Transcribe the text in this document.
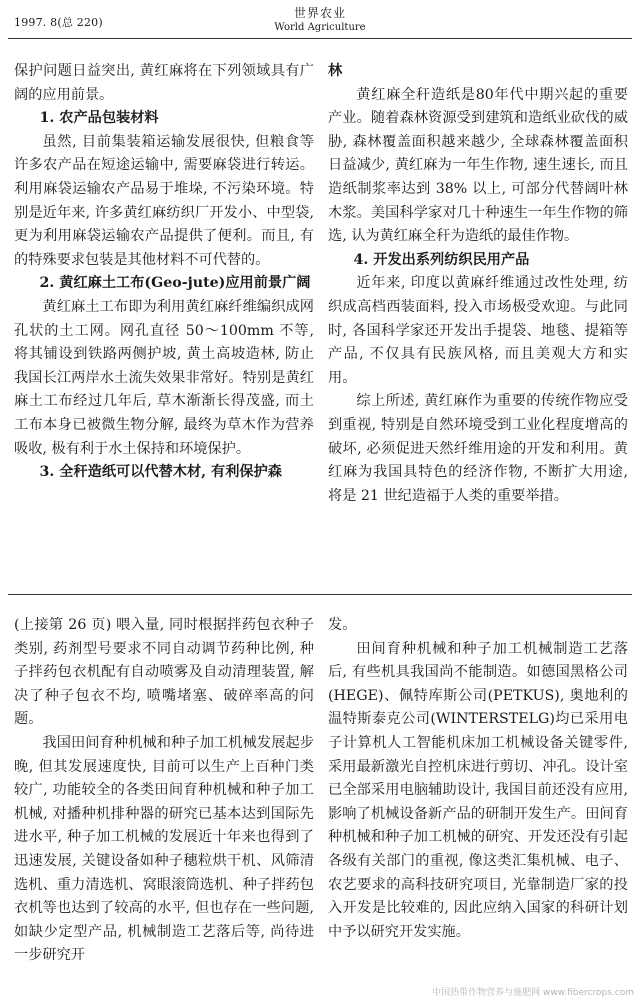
1997. 8(总 220)
世界农业
World Agriculture

保护问题日益突出, 黄红麻将在下列领域具有广阔的应用前景。

1. 农产品包装材料

虽然, 目前集装箱运输发展很快, 但粮食等许多农产品在短途运输中, 需要麻袋进行转运。利用麻袋运输农产品易于堆垛, 不污染环境。特别是近年来, 许多黄红麻纺织厂开发小、中型袋, 更为利用麻袋运输农产品提供了便利。而且, 有的特殊要求包装是其他材料不可代替的。

2. 黄红麻土工布(Geo-jute)应用前景广阔

黄红麻土工布即为利用黄红麻纤维编织成网孔状的土工网。网孔直径 50～100mm 不等, 将其铺设到铁路两侧护坡, 黄土高坡造林, 防止我国长江两岸水土流失效果非常好。特别是黄红麻土工布经过几年后, 草木渐渐长得茂盛, 而土工布本身已被微生物分解, 最终为草木作为营养吸收, 极有利于水土保持和环境保护。

3. 全秆造纸可以代替木材, 有利保护森

林

黄红麻全秆造纸是80年代中期兴起的重要产业。随着森林资源受到建筑和造纸业砍伐的威胁, 森林覆盖面积越来越少, 全球森林覆盖面积日益减少, 黄红麻为一年生作物, 速生速长, 而且造纸制浆率达到 38% 以上, 可部分代替阔叶林木浆。美国科学家对几十种速生一年生作物的筛选, 认为黄红麻全秆为造纸的最佳作物。

4. 开发出系列纺织民用产品

近年来, 印度以黄麻纤维通过改性处理, 纺织成高档西装面料, 投入市场极受欢迎。与此同时, 各国科学家还开发出手提袋、地毯、提箱等产品, 不仅具有民族风格, 而且美观大方和实用。

综上所述, 黄红麻作为重要的传统作物应受到重视, 特别是自然环境受到工业化程度增高的破坏, 必须促进天然纤维用途的开发和利用。黄红麻为我国具特色的经济作物, 不断扩大用途, 将是 21 世纪造福于人类的重要举措。

(上接第 26 页) 喂入量, 同时根据拌药包衣种子类别, 药剂型号要求不同自动调节药种比例, 种子拌药包衣机配有自动喷雾及自动清理装置, 解决了种子包衣不均, 喷嘴堵塞、破碎率高的问题。

我国田间育种机械和种子加工机械发展起步晚, 但其发展速度快, 目前可以生产上百种门类较广, 功能较全的各类田间育种机械和种子加工机械, 对播种机排种器的研究已基本达到国际先进水平, 种子加工机械的发展近十年来也得到了迅速发展, 关键设备如种子穗粒烘干机、风筛清选机、重力清选机、窝眼滚筒选机、种子拌药包衣机等也达到了较高的水平, 但也存在一些问题, 如缺少定型产品, 机械制造工艺落后等, 尚待进一步研究开

发。

田间育种机械和种子加工机械制造工艺落后, 有些机具我国尚不能制造。如德国黑格公司(HEGE)、佩特库斯公司(PETKUS), 奥地利的温特斯泰克公司(WINTERSTELG)均已采用电子计算机人工智能机床加工机械设备关键零件, 采用最新激光自控机床进行剪切、冲孔。设计室已全部采用电脑辅助设计, 我国目前还没有应用, 影响了机械设备新产品的研制开发生产。田间育种机械和种子加工机械的研究、开发还没有引起各级有关部门的重视, 像这类汇集机械、电子、农艺要求的高科技研究项目, 光靠制造厂家的投入开发是比较难的, 因此应纳入国家的科研计划中予以研究开发实施。

中国热带作物营养与施肥网 www.fibercrops.com
